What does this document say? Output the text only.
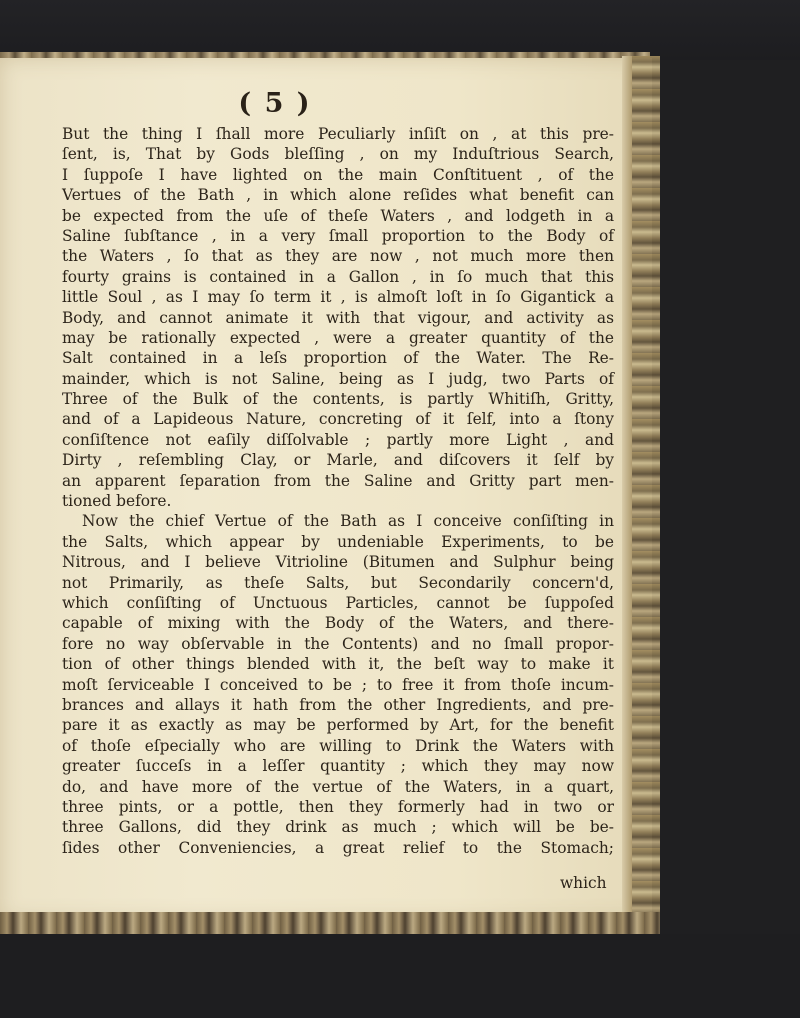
( 5 )
But the thing I ſhall more Peculiarly inſiſt on , at this pre-
ſent, is, That by Gods bleſſing , on my Induſtrious Search,
I ſuppoſe I have lighted on the main Conſtituent , of the
Vertues of the Bath , in which alone reſides what benefit can
be expected from the uſe of theſe Waters , and lodgeth in a
Saline ſubſtance , in a very ſmall proportion to the Body of
the Waters , ſo that as they are now , not much more then
fourty grains is contained in a Gallon , in ſo much that this
little Soul , as I may ſo term it , is almoſt loſt in ſo Gigantick a
Body, and cannot animate it with that vigour, and activity as
may be rationally expected , were a greater quantity of the
Salt contained in a leſs proportion of the Water. The Re-
mainder, which is not Saline, being as I judg, two Parts of
Three of the Bulk of the contents, is partly Whitiſh, Gritty,
and of a Lapideous Nature, concreting of it ſelf, into a ſtony
conſiſtence not eaſily diſſolvable ; partly more Light , and
Dirty , reſembling Clay, or Marle, and diſcovers it ſelf by
an apparent ſeparation from the Saline and Gritty part men-
tioned before.
Now the chief Vertue of the Bath as I conceive conſiſting in
the Salts, which appear by undeniable Experiments, to be
Nitrous, and I believe Vitrioline (Bitumen and Sulphur being
not Primarily, as theſe Salts, but Secondarily concern'd,
which conſiſting of Unctuous Particles, cannot be ſuppoſed
capable of mixing with the Body of the Waters, and there-
fore no way obſervable in the Contents) and no ſmall propor-
tion of other things blended with it, the beſt way to make it
moſt ſerviceable I conceived to be ; to free it from thoſe incum-
brances and allays it hath from the other Ingredients, and pre-
pare it as exactly as may be performed by Art, for the benefit
of thoſe eſpecially who are willing to Drink the Waters with
greater ſucceſs in a leſſer quantity ; which they may now
do, and have more of the vertue of the Waters, in a quart,
three pints, or a pottle, then they formerly had in two or
three Gallons, did they drink as much ; which will be be-
ſides other Conveniencies, a great relief to the Stomach;
which
